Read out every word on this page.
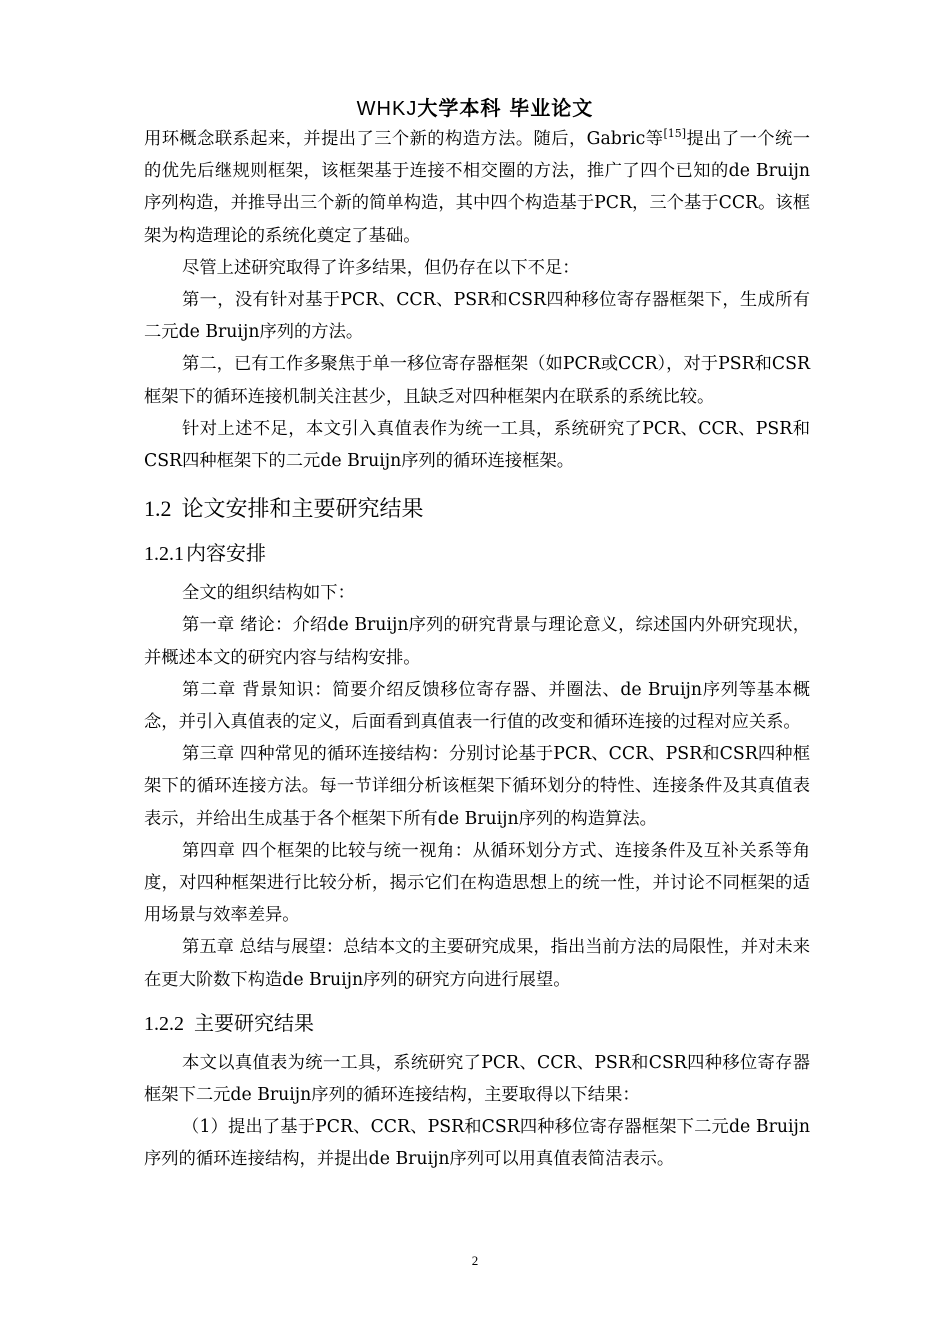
WHKJ大学本科 毕业论文

用环概念联系起来，并提出了三个新的构造方法。随后，Gabric等[15]提出了一个统一的优先后继规则框架，该框架基于连接不相交圈的方法，推广了四个已知的de Bruijn序列构造，并推导出三个新的简单构造，其中四个构造基于PCR，三个基于CCR。该框架为构造理论的系统化奠定了基础。

尽管上述研究取得了许多结果，但仍存在以下不足：

第一，没有针对基于PCR、CCR、PSR和CSR四种移位寄存器框架下，生成所有二元de Bruijn序列的方法。

第二，已有工作多聚焦于单一移位寄存器框架（如PCR或CCR），对于PSR和CSR框架下的循环连接机制关注甚少，且缺乏对四种框架内在联系的系统比较。

针对上述不足，本文引入真值表作为统一工具，系统研究了PCR、CCR、PSR和CSR四种框架下的二元de Bruijn序列的循环连接框架。

1.2 论文安排和主要研究结果
1.2.1 内容安排

全文的组织结构如下：

第一章 绪论：介绍de Bruijn序列的研究背景与理论意义，综述国内外研究现状，并概述本文的研究内容与结构安排。

第二章 背景知识：简要介绍反馈移位寄存器、并圈法、de Bruijn序列等基本概念，并引入真值表的定义，后面看到真值表一行值的改变和循环连接的过程对应关系。

第三章 四种常见的循环连接结构：分别讨论基于PCR、CCR、PSR和CSR四种框架下的循环连接方法。每一节详细分析该框架下循环划分的特性、连接条件及其真值表表示，并给出生成基于各个框架下所有de Bruijn序列的构造算法。

第四章 四个框架的比较与统一视角：从循环划分方式、连接条件及互补关系等角度，对四种框架进行比较分析，揭示它们在构造思想上的统一性，并讨论不同框架的适用场景与效率差异。

第五章 总结与展望：总结本文的主要研究成果，指出当前方法的局限性，并对未来在更大阶数下构造de Bruijn序列的研究方向进行展望。

1.2.2 主要研究结果

本文以真值表为统一工具，系统研究了PCR、CCR、PSR和CSR四种移位寄存器框架下二元de Bruijn序列的循环连接结构，主要取得以下结果：

（1）提出了基于PCR、CCR、PSR和CSR四种移位寄存器框架下二元de Bruijn序列的循环连接结构，并提出de Bruijn序列可以用真值表简洁表示。

2
